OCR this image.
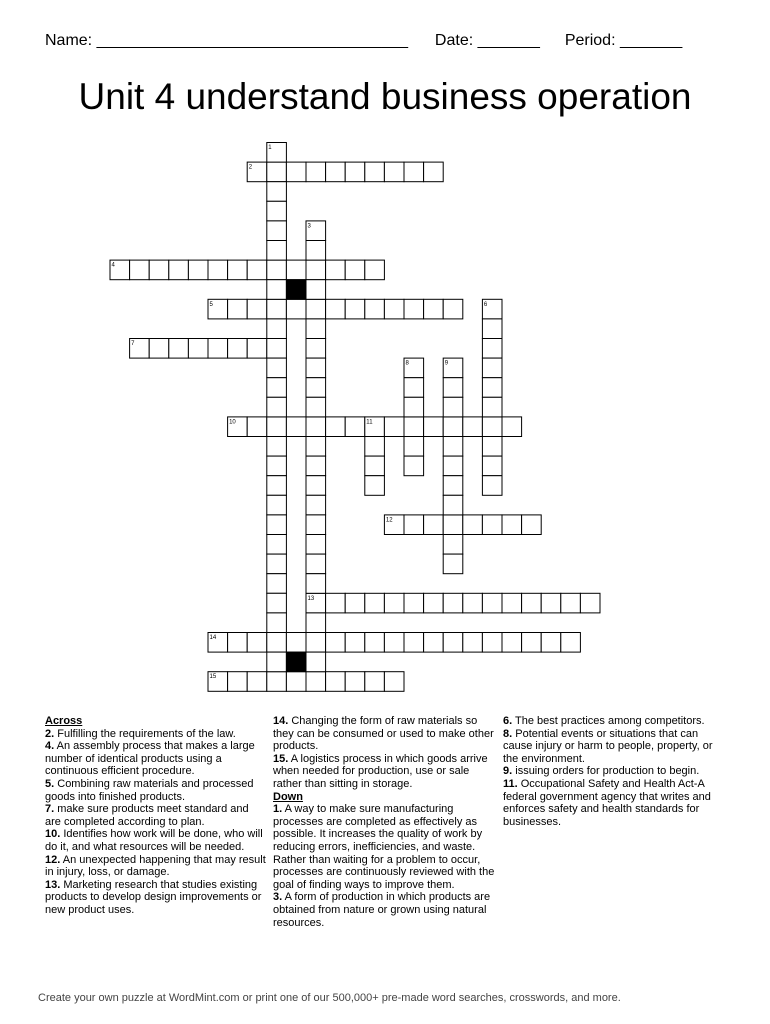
Name: ___________________________________ Date: _______ Period: _______
Unit 4 understand business operation
1
2
3
4
5	6
7
8	9
10	11
12
13
14
15

Across

2. Fulfilling the requirements of the law.

4. An assembly process that makes a large number of identical products using a continuous efficient procedure.

5. Combining raw materials and processed goods into finished products.

7. make sure products meet standard and are completed according to plan.

10. Identifies how work will be done, who will do it, and what resources will be needed.

12. An unexpected happening that may result in injury, loss, or damage.

13. Marketing research that studies existing products to develop design improvements or new product uses.

14. Changing the form of raw materials so they can be consumed or used to make other products.

15. A logistics process in which goods arrive when needed for production, use or sale rather than sitting in storage.

Down

1. A way to make sure manufacturing processes are completed as effectively as possible. It increases the quality of work by reducing errors, inefficiencies, and waste. Rather than waiting for a problem to occur, processes are continuously reviewed with the goal of finding ways to improve them.

3. A form of production in which products are obtained from nature or grown using natural resources.

6. The best practices among competitors.

8. Potential events or situations that can cause injury or harm to people, property, or the environment.

9. issuing orders for production to begin.

11. Occupational Safety and Health Act-A federal government agency that writes and enforces safety and health standards for businesses.

Create your own puzzle at WordMint.com or print one of our 500,000+ pre-made word searches, crosswords, and more.
